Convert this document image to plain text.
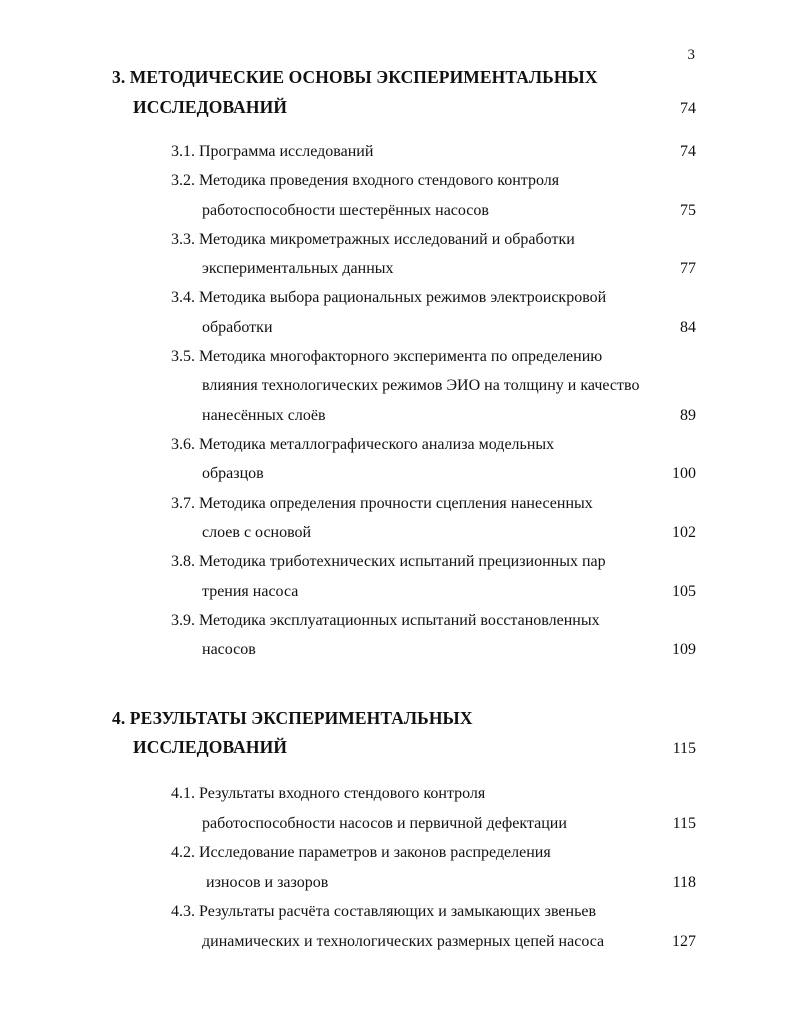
3
3. МЕТОДИЧЕСКИЕ ОСНОВЫ ЭКСПЕРИМЕНТАЛЬНЫХ
ИССЛЕДОВАНИЙ	74
3.1. Программа исследований	74
3.2. Методика проведения входного стендового контроля
работоспособности шестерённых насосов	75
3.3. Методика микрометражных исследований и обработки
экспериментальных данных	77
3.4. Методика выбора рациональных режимов электроискровой
обработки	84
3.5. Методика многофакторного эксперимента по определению
влияния технологических режимов ЭИО на толщину и качество
нанесённых слоёв	89
3.6. Методика металлографического анализа модельных
образцов	100
3.7. Методика определения прочности сцепления нанесенных
слоев с основой	102
3.8. Методика триботехнических испытаний прецизионных пар
трения насоса	105
3.9. Методика эксплуатационных испытаний восстановленных
насосов	109
4. РЕЗУЛЬТАТЫ ЭКСПЕРИМЕНТАЛЬНЫХ
ИССЛЕДОВАНИЙ	115
4.1. Результаты входного стендового контроля
работоспособности насосов и первичной дефектации	115
4.2. Исследование параметров и законов распределения
износов и зазоров	118
4.3. Результаты расчёта составляющих и замыкающих звеньев
динамических и технологических размерных цепей насоса	127
